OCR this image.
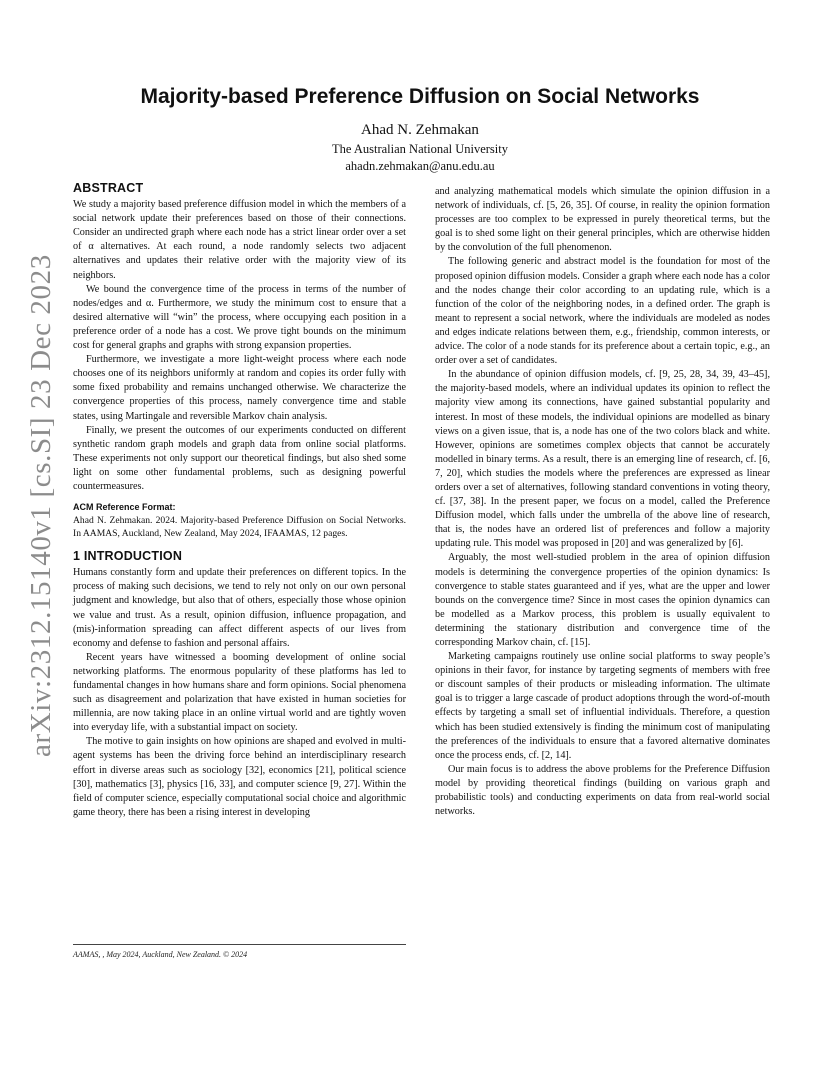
arXiv:2312.15140v1 [cs.SI] 23 Dec 2023
Majority-based Preference Diffusion on Social Networks
Ahad N. Zehmakan
The Australian National University
ahadn.zehmakan@anu.edu.au
ABSTRACT

We study a majority based preference diffusion model in which the members of a social network update their preferences based on those of their connections. Consider an undirected graph where each node has a strict linear order over a set of α alternatives. At each round, a node randomly selects two adjacent alternatives and updates their relative order with the majority view of its neighbors.

We bound the convergence time of the process in terms of the number of nodes/edges and α. Furthermore, we study the minimum cost to ensure that a desired alternative will “win” the process, where occupying each position in a preference order of a node has a cost. We prove tight bounds on the minimum cost for general graphs and graphs with strong expansion properties.

Furthermore, we investigate a more light-weight process where each node chooses one of its neighbors uniformly at random and copies its order fully with some fixed probability and remains unchanged otherwise. We characterize the convergence properties of this process, namely convergence time and stable states, using Martingale and reversible Markov chain analysis.

Finally, we present the outcomes of our experiments conducted on different synthetic random graph models and graph data from online social platforms. These experiments not only support our theoretical findings, but also shed some light on some other fundamental problems, such as designing powerful countermeasures.

ACM Reference Format:

Ahad N. Zehmakan. 2024. Majority-based Preference Diffusion on Social Networks. In AAMAS, Auckland, New Zealand, May 2024, IFAAMAS, 12 pages.

1 INTRODUCTION

Humans constantly form and update their preferences on different topics. In the process of making such decisions, we tend to rely not only on our own personal judgment and knowledge, but also that of others, especially those whose opinion we value and trust. As a result, opinion diffusion, influence propagation, and (mis)-information spreading can affect different aspects of our lives from economy and defense to fashion and personal affairs.

Recent years have witnessed a booming development of online social networking platforms. The enormous popularity of these platforms has led to fundamental changes in how humans share and form opinions. Social phenomena such as disagreement and polarization that have existed in human societies for millennia, are now taking place in an online virtual world and are tightly woven into everyday life, with a substantial impact on society.

The motive to gain insights on how opinions are shaped and evolved in multi-agent systems has been the driving force behind an interdisciplinary research effort in diverse areas such as sociology [32], economics [21], political science [30], mathematics [3], physics [16, 33], and computer science [9, 27]. Within the field of computer science, especially computational social choice and algorithmic game theory, there has been a rising interest in developing

AAMAS, , May 2024, Auckland, New Zealand. © 2024

and analyzing mathematical models which simulate the opinion diffusion in a network of individuals, cf. [5, 26, 35]. Of course, in reality the opinion formation processes are too complex to be expressed in purely theoretical terms, but the goal is to shed some light on their general principles, which are otherwise hidden by the convolution of the full phenomenon.

The following generic and abstract model is the foundation for most of the proposed opinion diffusion models. Consider a graph where each node has a color and the nodes change their color according to an updating rule, which is a function of the color of the neighboring nodes, in a defined order. The graph is meant to represent a social network, where the individuals are modeled as nodes and edges indicate relations between them, e.g., friendship, common interests, or advice. The color of a node stands for its preference about a certain topic, e.g., an order over a set of candidates.

In the abundance of opinion diffusion models, cf. [9, 25, 28, 34, 39, 43–45], the majority-based models, where an individual updates its opinion to reflect the majority view among its connections, have gained substantial popularity and interest. In most of these models, the individual opinions are modelled as binary views on a given issue, that is, a node has one of the two colors black and white. However, opinions are sometimes complex objects that cannot be accurately modelled in binary terms. As a result, there is an emerging line of research, cf. [6, 7, 20], which studies the models where the preferences are expressed as linear orders over a set of alternatives, following standard conventions in voting theory, cf. [37, 38]. In the present paper, we focus on a model, called the Preference Diffusion model, which falls under the umbrella of the above line of research, that is, the nodes have an ordered list of preferences and follow a majority updating rule. This model was proposed in [20] and was generalized by [6].

Arguably, the most well-studied problem in the area of opinion diffusion models is determining the convergence properties of the opinion dynamics: Is convergence to stable states guaranteed and if yes, what are the upper and lower bounds on the convergence time? Since in most cases the opinion dynamics can be modelled as a Markov process, this problem is usually equivalent to determining the stationary distribution and convergence time of the corresponding Markov chain, cf. [15].

Marketing campaigns routinely use online social platforms to sway people’s opinions in their favor, for instance by targeting segments of members with free or discount samples of their products or misleading information. The ultimate goal is to trigger a large cascade of product adoptions through the word-of-mouth effects by targeting a small set of influential individuals. Therefore, a question which has been studied extensively is finding the minimum cost of manipulating the preferences of the individuals to ensure that a favored alternative dominates once the process ends, cf. [2, 14].

Our main focus is to address the above problems for the Preference Diffusion model by providing theoretical findings (building on various graph and probabilistic tools) and conducting experiments on data from real-world social networks.
